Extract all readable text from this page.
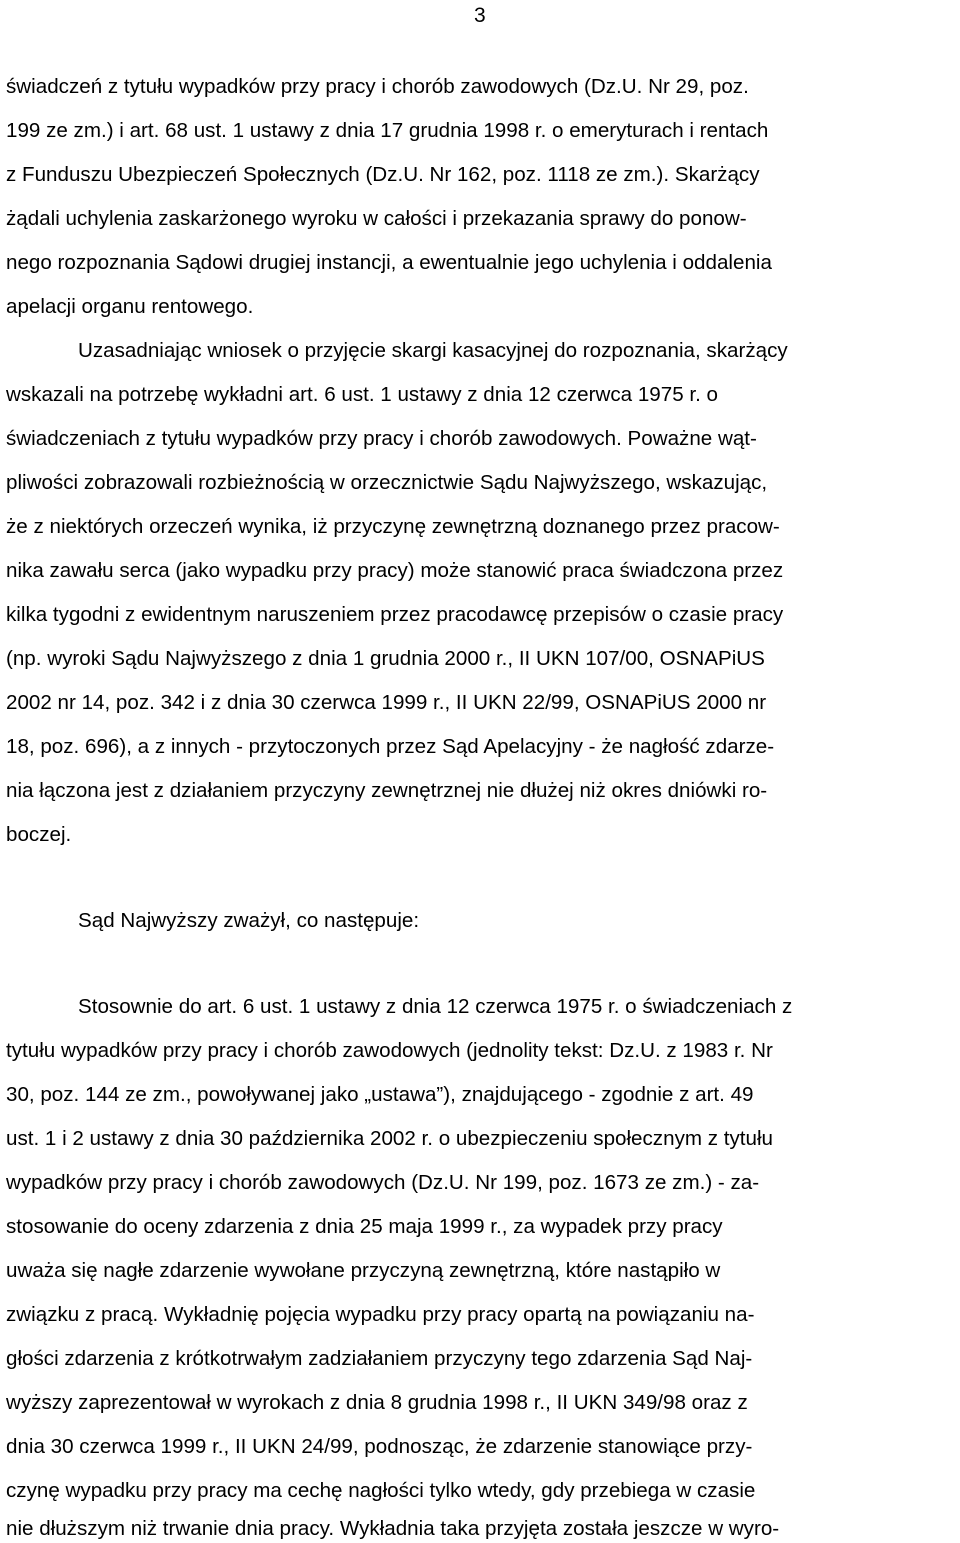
3
świadczeń z tytułu wypadków przy pracy i chorób zawodowych (Dz.U. Nr 29, poz.
199 ze zm.) i art. 68 ust. 1 ustawy z dnia 17 grudnia 1998 r. o emeryturach i rentach
z Funduszu Ubezpieczeń Społecznych (Dz.U. Nr 162, poz. 1118 ze zm.). Skarżący
żądali uchylenia zaskarżonego wyroku w całości i przekazania sprawy do ponow-
nego rozpoznania Sądowi drugiej instancji, a ewentualnie jego uchylenia i oddalenia
apelacji organu rentowego.
Uzasadniając wniosek o przyjęcie skargi kasacyjnej do rozpoznania, skarżący
wskazali na potrzebę wykładni art. 6 ust. 1 ustawy z dnia 12 czerwca 1975 r. o
świadczeniach z tytułu wypadków przy pracy i chorób zawodowych. Poważne wąt-
pliwości zobrazowali rozbieżnością w orzecznictwie Sądu Najwyższego, wskazując,
że z niektórych orzeczeń wynika, iż przyczynę zewnętrzną doznanego przez pracow-
nika zawału serca (jako wypadku przy pracy) może stanowić praca świadczona przez
kilka tygodni z ewidentnym naruszeniem przez pracodawcę przepisów o czasie pracy
(np. wyroki Sądu Najwyższego z dnia 1 grudnia 2000 r., II UKN 107/00, OSNAPiUS
2002 nr 14, poz. 342 i z dnia 30 czerwca 1999 r., II UKN 22/99, OSNAPiUS 2000 nr
18, poz. 696), a z innych - przytoczonych przez Sąd Apelacyjny - że nagłość zdarze-
nia łączona jest z działaniem przyczyny zewnętrznej nie dłużej niż okres dniówki ro-
boczej.
Sąd Najwyższy zważył, co następuje:
Stosownie do art. 6 ust. 1 ustawy z dnia 12 czerwca 1975 r. o świadczeniach z
tytułu wypadków przy pracy i chorób zawodowych (jednolity tekst: Dz.U. z 1983 r. Nr
30, poz. 144 ze zm., powoływanej jako „ustawa”), znajdującego - zgodnie z art. 49
ust. 1 i 2 ustawy z dnia 30 października 2002 r. o ubezpieczeniu społecznym z tytułu
wypadków przy pracy i chorób zawodowych (Dz.U. Nr 199, poz. 1673 ze zm.) - za-
stosowanie do oceny zdarzenia z dnia 25 maja 1999 r., za wypadek przy pracy
uważa się nagłe zdarzenie wywołane przyczyną zewnętrzną, które nastąpiło w
związku z pracą. Wykładnię pojęcia wypadku przy pracy opartą na powiązaniu na-
głości zdarzenia z krótkotrwałym zadziałaniem przyczyny tego zdarzenia Sąd Naj-
wyższy zaprezentował w wyrokach z dnia 8 grudnia 1998 r., II UKN 349/98 oraz z
dnia 30 czerwca 1999 r., II UKN 24/99, podnosząc, że zdarzenie stanowiące przy-
czynę wypadku przy pracy ma cechę nagłości tylko wtedy, gdy przebiega w czasie
nie dłuższym niż trwanie dnia pracy. Wykładnia taka przyjęta została jeszcze w wyro-
